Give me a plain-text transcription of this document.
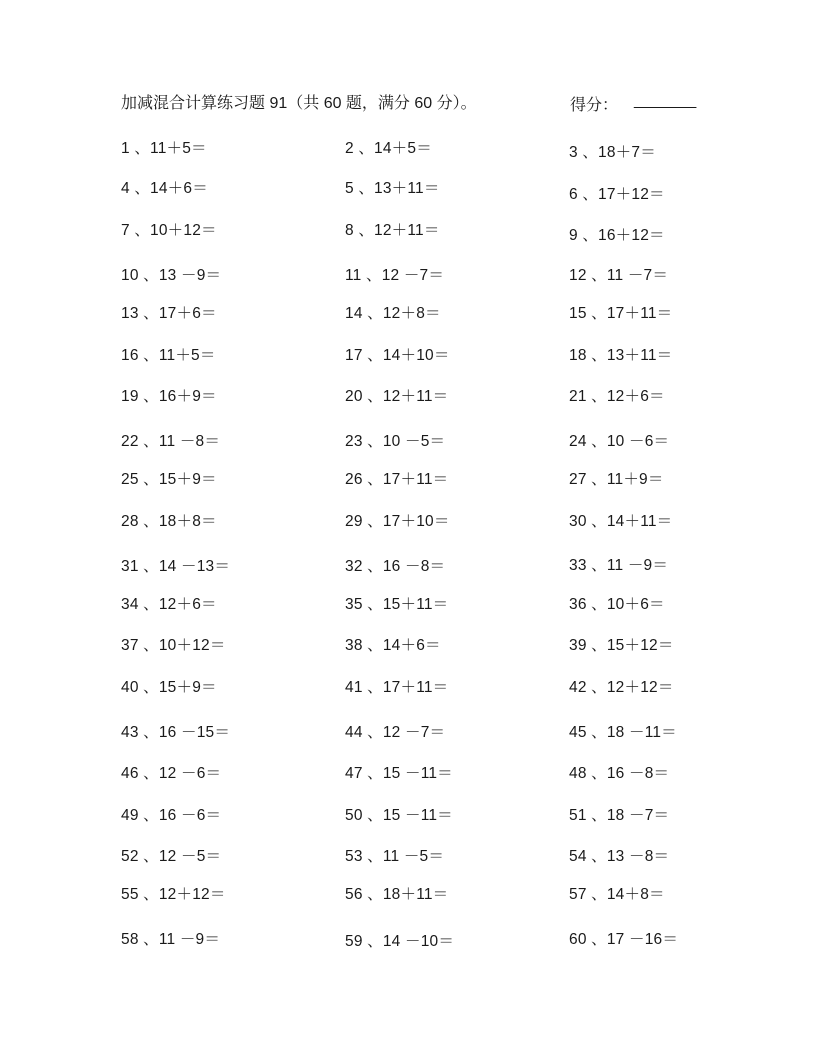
加减混合计算练习题 91（共 60 题，满分 60 分）。	得分： _______
1 、11＋5＝	2 、14＋5＝	3 、18＋7＝
4 、14＋6＝	5 、13＋11＝	6 、17＋12＝
7 、10＋12＝	8 、12＋11＝	9 、16＋12＝
10 、13 －9＝	11 、12 －7＝	12 、11 －7＝
13 、17＋6＝	14 、12＋8＝	15 、17＋11＝
16 、11＋5＝	17 、14＋10＝	18 、13＋11＝
19 、16＋9＝	20 、12＋11＝	21 、12＋6＝
22 、11 －8＝	23 、10 －5＝	24 、10 －6＝
25 、15＋9＝	26 、17＋11＝	27 、11＋9＝
28 、18＋8＝	29 、17＋10＝	30 、14＋11＝
31 、14 －13＝	32 、16 －8＝	33 、11 －9＝
34 、12＋6＝	35 、15＋11＝	36 、10＋6＝
37 、10＋12＝	38 、14＋6＝	39 、15＋12＝
40 、15＋9＝	41 、17＋11＝	42 、12＋12＝
43 、16 －15＝	44 、12 －7＝	45 、18 －11＝
46 、12 －6＝	47 、15 －11＝	48 、16 －8＝
49 、16 －6＝	50 、15 －11＝	51 、18 －7＝
52 、12 －5＝	53 、11 －5＝	54 、13 －8＝
55 、12＋12＝	56 、18＋11＝	57 、14＋8＝
58 、11 －9＝	59 、14 －10＝	60 、17 －16＝
